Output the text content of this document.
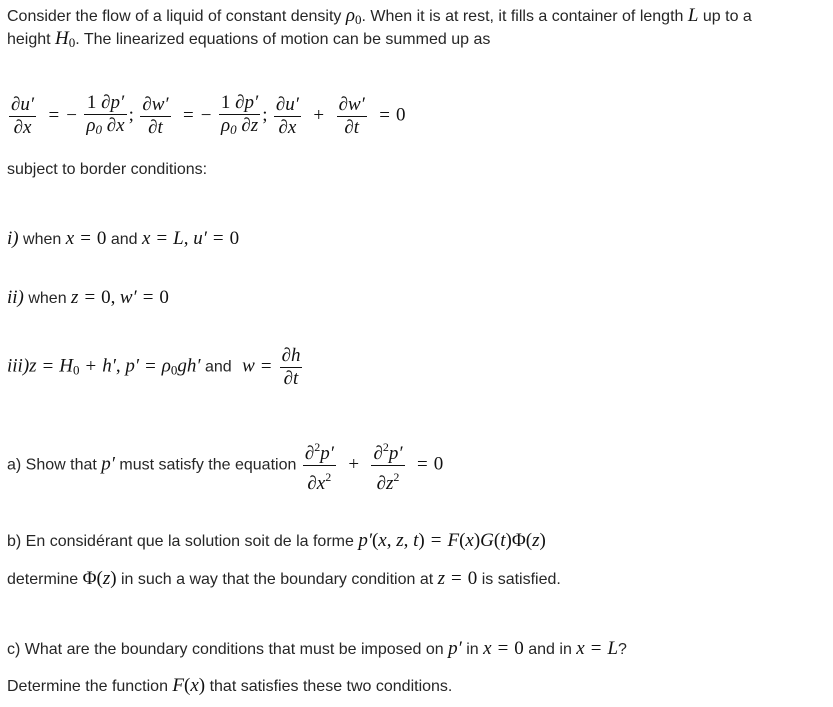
Consider the flow of a liquid of constant density $\rho_0$. When it is at rest, it fills a container of length L up to a
height $H_0$. The linearized equations of motion can be summed up as
$\frac{\partial u'}{\partial x}$ = − $\frac{1 \partial p'}{\rho_0 \partial x}$ ; $\frac{\partial w'}{\partial t}$ = − $\frac{1 \partial p'}{\rho_0 \partial z}$ ; $\frac{\partial u'}{\partial x} + \frac{\partial w'}{\partial t} = 0$
subject to border conditions:
i) when x = 0 and x = L, u′ = 0
ii) when z = 0, w′ = 0
$iii)z = H_0 + h'$, $p' = \rho_0gh'$ and $w = \frac{\partial h}{\partial t}$
a) Show that p′ must satisfy the equation $\frac{\partial^2p'}{\partial x^2} + \frac{\partial^2p'}{\partial z^2} = 0$
b) En considérant que la solution soit de la forme p′(x, z, t) = F(x)G(t)Φ(z)
determine Φ(z) in such a way that the boundary condition at z = 0 is satisfied.
c) What are the boundary conditions that must be imposed on p′ in x = 0 and in x = L?
Determine the function F(x) that satisfies these two conditions.
